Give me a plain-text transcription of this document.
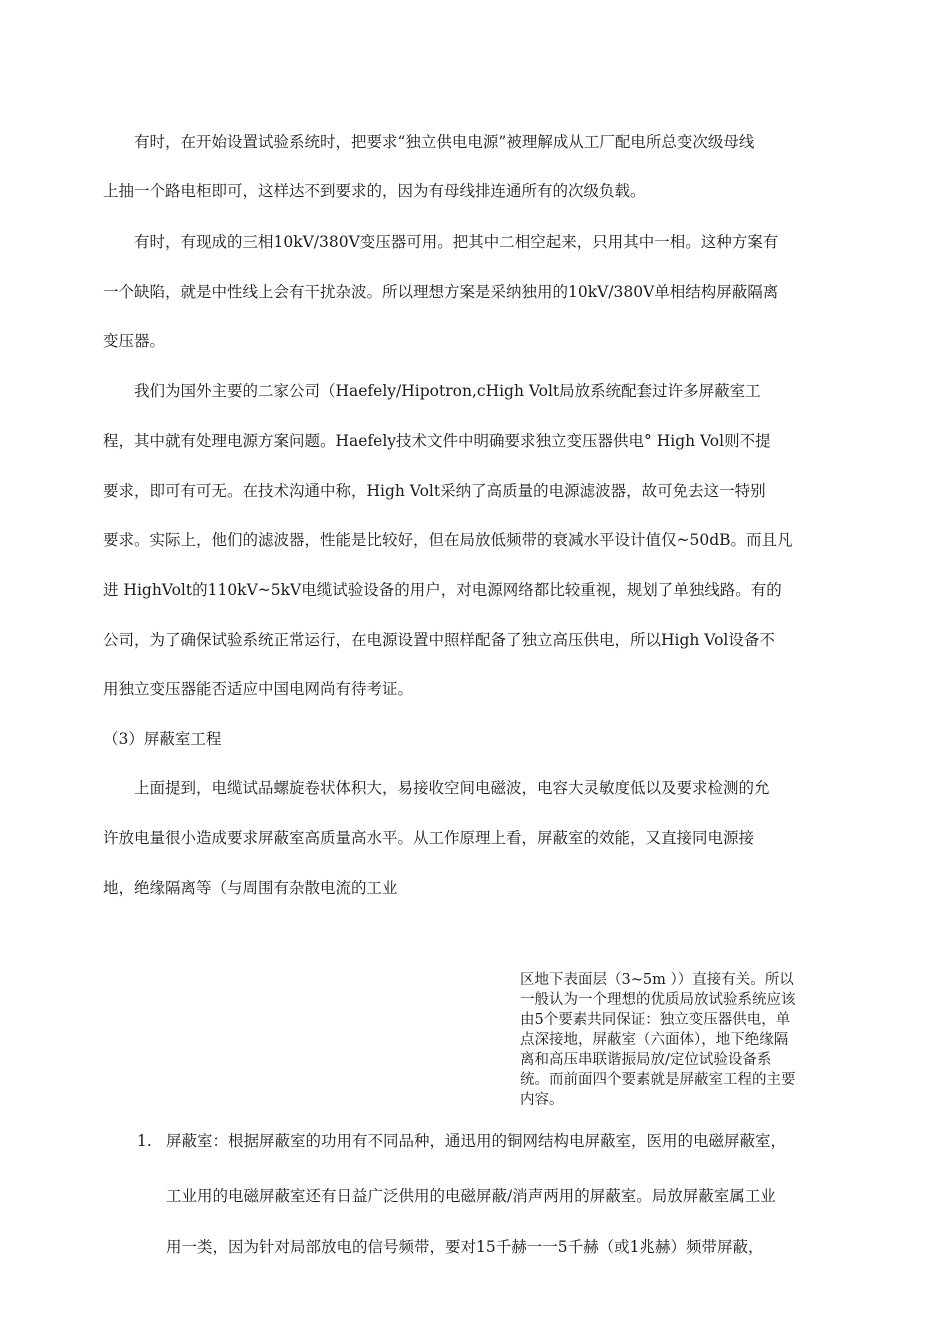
　　有时，在开始设置试验系统时，把要求“独立供电电源”被理解成从工厂配电所总变次级母线
上抽一个路电柜即可，这样达不到要求的，因为有母线排连通所有的次级负载。
　　有时，有现成的三相10kV/380V变压器可用。把其中二相空起来，只用其中一相。这种方案有
一个缺陷，就是中性线上会有干扰杂波。所以理想方案是采纳独用的10kV/380V单相结构屏蔽隔离
变压器。
　　我们为国外主要的二家公司（Haefely/Hipotron,cHigh Volt局放系统配套过许多屏蔽室工
程，其中就有处理电源方案问题。Haefely技术文件中明确要求独立变压器供电° High Vol则不提
要求，即可有可无。在技术沟通中称，High Volt采纳了高质量的电源滤波器，故可免去这一特别
要求。实际上，他们的滤波器，性能是比较好，但在局放低频带的衰减水平设计值仅~50dB。而且凡
进 HighVolt的110kV~5kV电缆试验设备的用户，对电源网络都比较重视，规划了单独线路。有的
公司，为了确保试验系统正常运行，在电源设置中照样配备了独立高压供电，所以High Vol设备不
用独立变压器能否适应中国电网尚有待考证。
（3）屏蔽室工程
　　上面提到，电缆试品螺旋卷状体积大，易接收空间电磁波，电容大灵敏度低以及要求检测的允
许放电量很小造成要求屏蔽室高质量高水平。从工作原理上看，屏蔽室的效能，又直接同电源接
地，绝缘隔离等（与周围有杂散电流的工业
区地下表面层（3~5m ））直接有关。所以
一般认为一个理想的优质局放试验系统应该
由5个要素共同保证：独立变压器供电，单
点深接地，屏蔽室（六面体），地下绝缘隔
离和高压串联谐振局放/定位试验设备系
统。而前面四个要素就是屏蔽室工程的主要
内容。
1. 屏蔽室：根据屏蔽室的功用有不同品种，通迅用的铜网结构电屏蔽室，医用的电磁屏蔽室，
工业用的电磁屏蔽室还有日益广泛供用的电磁屏蔽/消声两用的屏蔽室。局放屏蔽室属工业
用一类，因为针对局部放电的信号频带，要对15千赫一一5千赫（或1兆赫）频带屏蔽，
